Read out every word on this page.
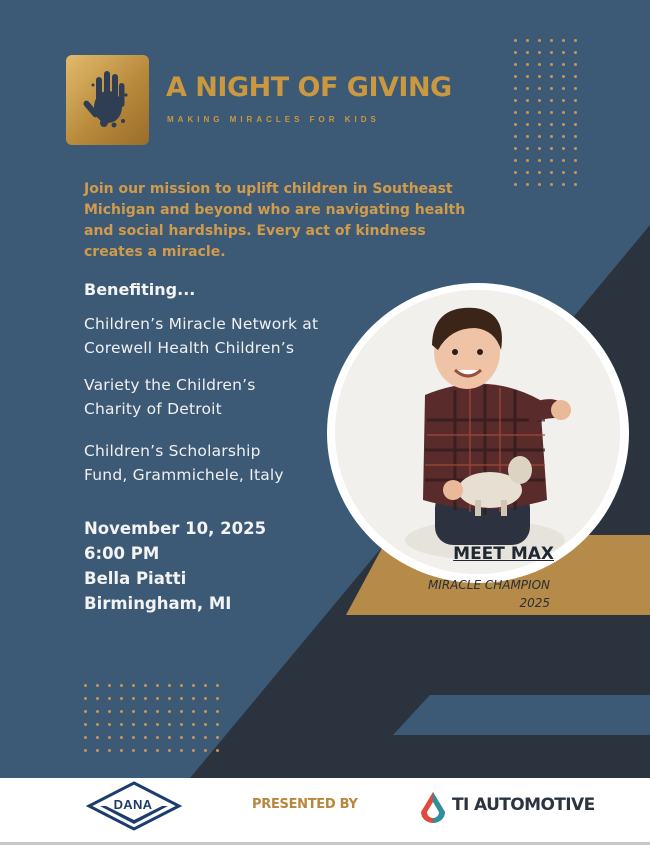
A NIGHT OF GIVING
MAKING MIRACLES FOR KIDS
Join our mission to uplift children in Southeast Michigan and beyond who are navigating health and social hardships. Every act of kindness creates a miracle.
Benefiting...
Children’s Miracle Network at
Corewell Health Children’s
Variety the Children’s
Charity of Detroit
Children’s Scholarship
Fund, Grammichele, Italy
November 10, 2025
6:00 PM
Bella Piatti
Birmingham, MI
MEET MAX
MIRACLE CHAMPION
2025
DANA	PRESENTED BY	TI AUTOMOTIVE
